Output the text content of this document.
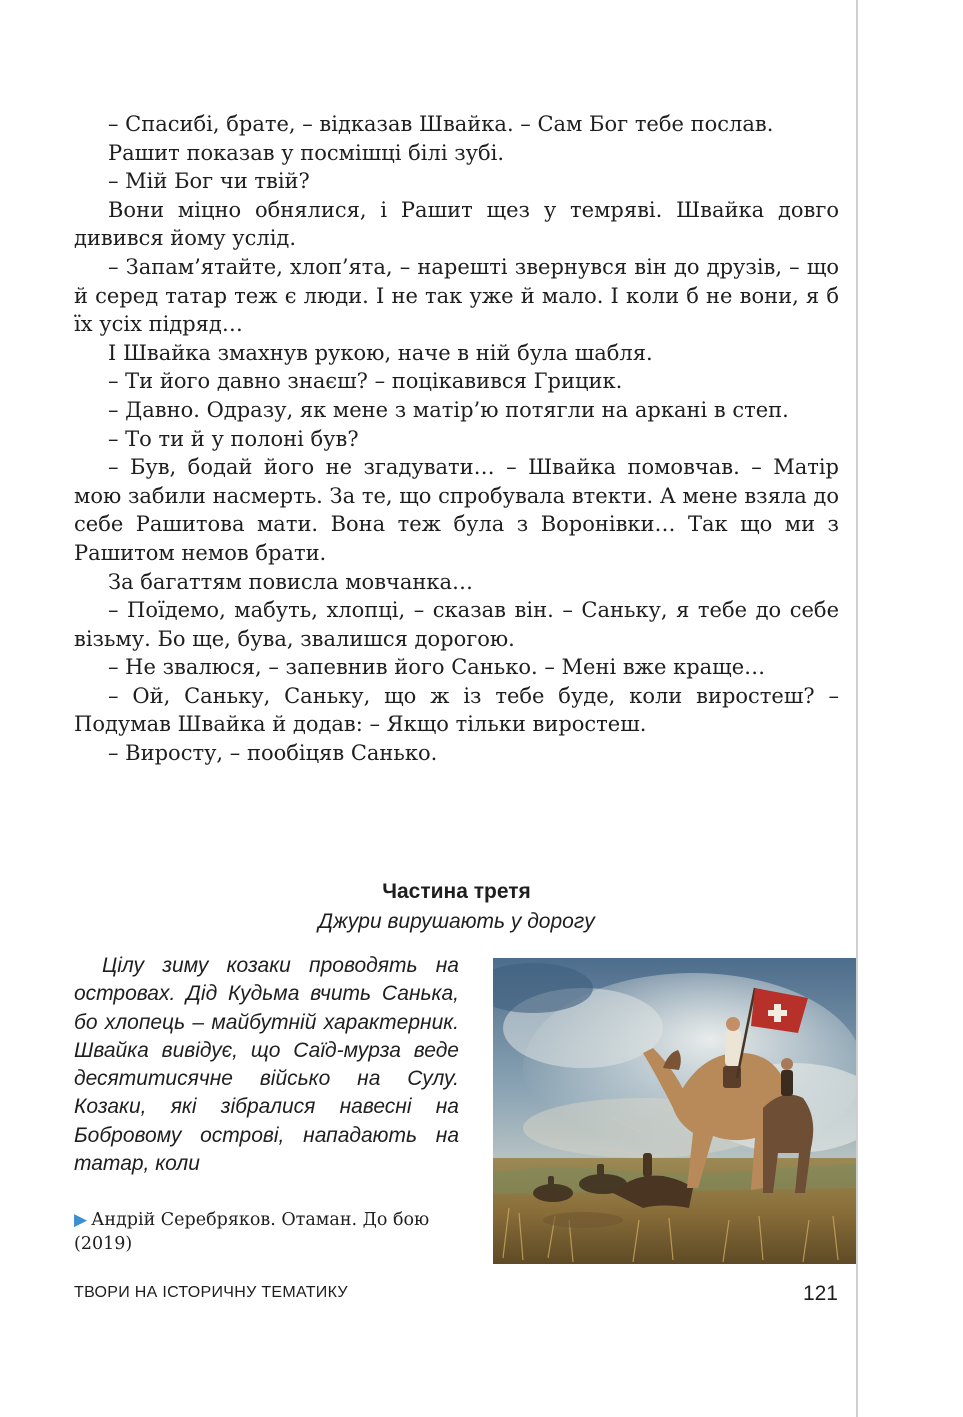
– Спасибі, брате, – відказав Швайка. – Сам Бог тебе послав.

Рашит показав у посмішці білі зубі.

– Мій Бог чи твій?

Вони міцно обнялися, і Рашит щез у темряві. Швайка довго дивився йому услід.

– Запам’ятайте, хлоп’ята, – нарешті звернувся він до друзів, – що й серед татар теж є люди. І не так уже й мало. І коли б не вони, я б їх усіх підряд…

І Швайка змахнув рукою, наче в ній була шабля.

– Ти його давно знаєш? – поцікавився Грицик.

– Давно. Одразу, як мене з матір’ю потягли на аркані в степ.

– То ти й у полоні був?

– Був, бодай його не згадувати… – Швайка помовчав. – Матір мою забили насмерть. За те, що спробувала втекти. А мене взяла до себе Рашитова мати. Вона теж була з Воронівки… Так що ми з Рашитом немов брати.

За багаттям повисла мовчанка…

– Поїдемо, мабуть, хлопці, – сказав він. – Саньку, я тебе до себе візьму. Бо ще, бува, звалишся дорогою.

– Не звалюся, – запевнив його Санько. – Мені вже краще…

– Ой, Саньку, Саньку, що ж із тебе буде, коли виростеш? – Подумав Швайка й додав: – Якщо тільки виростеш.

– Виросту, – пообіцяв Санько.

Частина третя
Джури вирушають у дорогу

Цілу зиму козаки проводять на островах. Дід Кудьма вчить Санька, бо хлопець – майбутній характерник. Швайка вивідує, що Саїд-мурза веде десятитисячне військо на Сулу. Козаки, які зібралися навесні на Бобровому острові, нападають на татар, коли

▶ Андрій Серебряков. Отаман. До бою (2019)
ТВОРИ НА ІСТОРИЧНУ ТЕМАТИКУ	121
